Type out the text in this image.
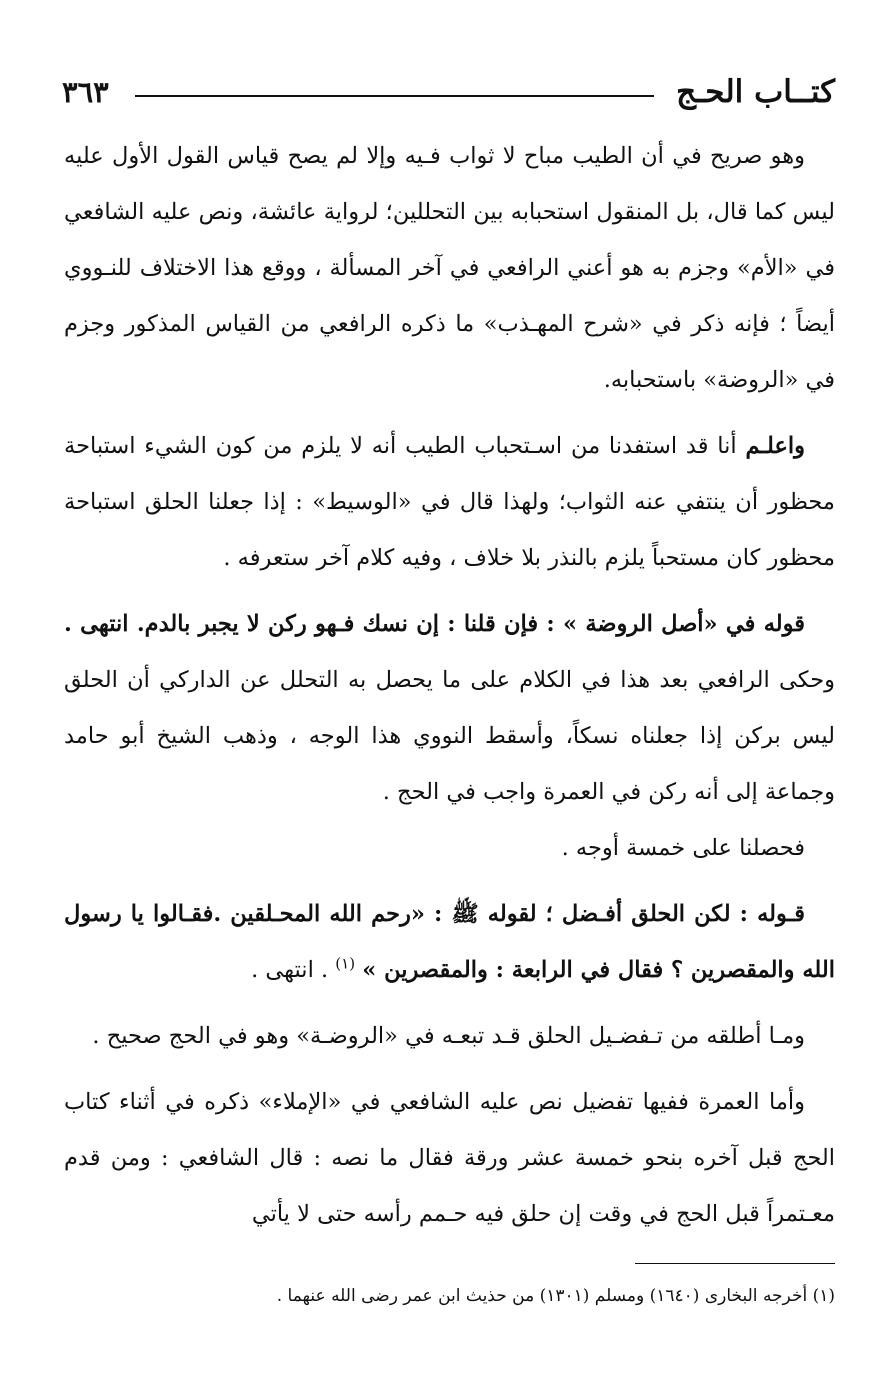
كتــاب الحـج
٣٦٣

وهو صريح في أن الطيب مباح لا ثواب فـيه وإلا لم يصح قياس القول الأول عليه ليس كما قال، بل المنقول استحبابه بين التحللين؛ لرواية عائشة، ونص عليه الشافعي في «الأم» وجزم به هو أعني الرافعي في آخر المسألة ، ووقع هذا الاختلاف للنـووي أيضاً ؛ فإنه ذكر في «شرح المهـذب» ما ذكره الرافعي من القياس المذكور وجزم في «الروضة» باستحبابه.

واعلـم أنا قد استفدنا من اسـتحباب الطيب أنه لا يلزم من كون الشيء استباحة محظور أن ينتفي عنه الثواب؛ ولهذا قال في «الوسيط» : إذا جعلنا الحلق استباحة محظور كان مستحباً يلزم بالنذر بلا خلاف ، وفيه كلام آخر ستعرفه .

قوله في «أصل الروضة » : فإن قلنا : إن نسك فـهو ركن لا يجبر بالدم. انتهى . وحكى الرافعي بعد هذا في الكلام على ما يحصل به التحلل عن الداركي أن الحلق ليس بركن إذا جعلناه نسكاً، وأسقط النووي هذا الوجه ، وذهب الشيخ أبو حامد وجماعة إلى أنه ركن في العمرة واجب في الحج .

فحصلنا على خمسة أوجه .

قـوله : لكن الحلق أفـضل ؛ لقوله ﷺ : «رحم الله المحـلقين .فقـالوا يا رسول الله والمقصرين ؟ فقال في الرابعة : والمقصرين » $^{(١)}$ . انتهى .

ومـا أطلقه من تـفضـيل الحلق قـد تبعـه في «الروضـة» وهو في الحج صحيح .

وأما العمرة ففيها تفضيل نص عليه الشافعي في «الإملاء» ذكره في أثناء كتاب الحج قبل آخره بنحو خمسة عشر ورقة فقال ما نصه : قال الشافعي : ومن قدم معـتمراً قبل الحج في وقت إن حلق فيه حـمم رأسه حتى لا يأتي

(١) أخرجه البخارى (١٦٤٠) ومسلم (١٣٠١) من حذيث ابن عمر رضى الله عنهما .
